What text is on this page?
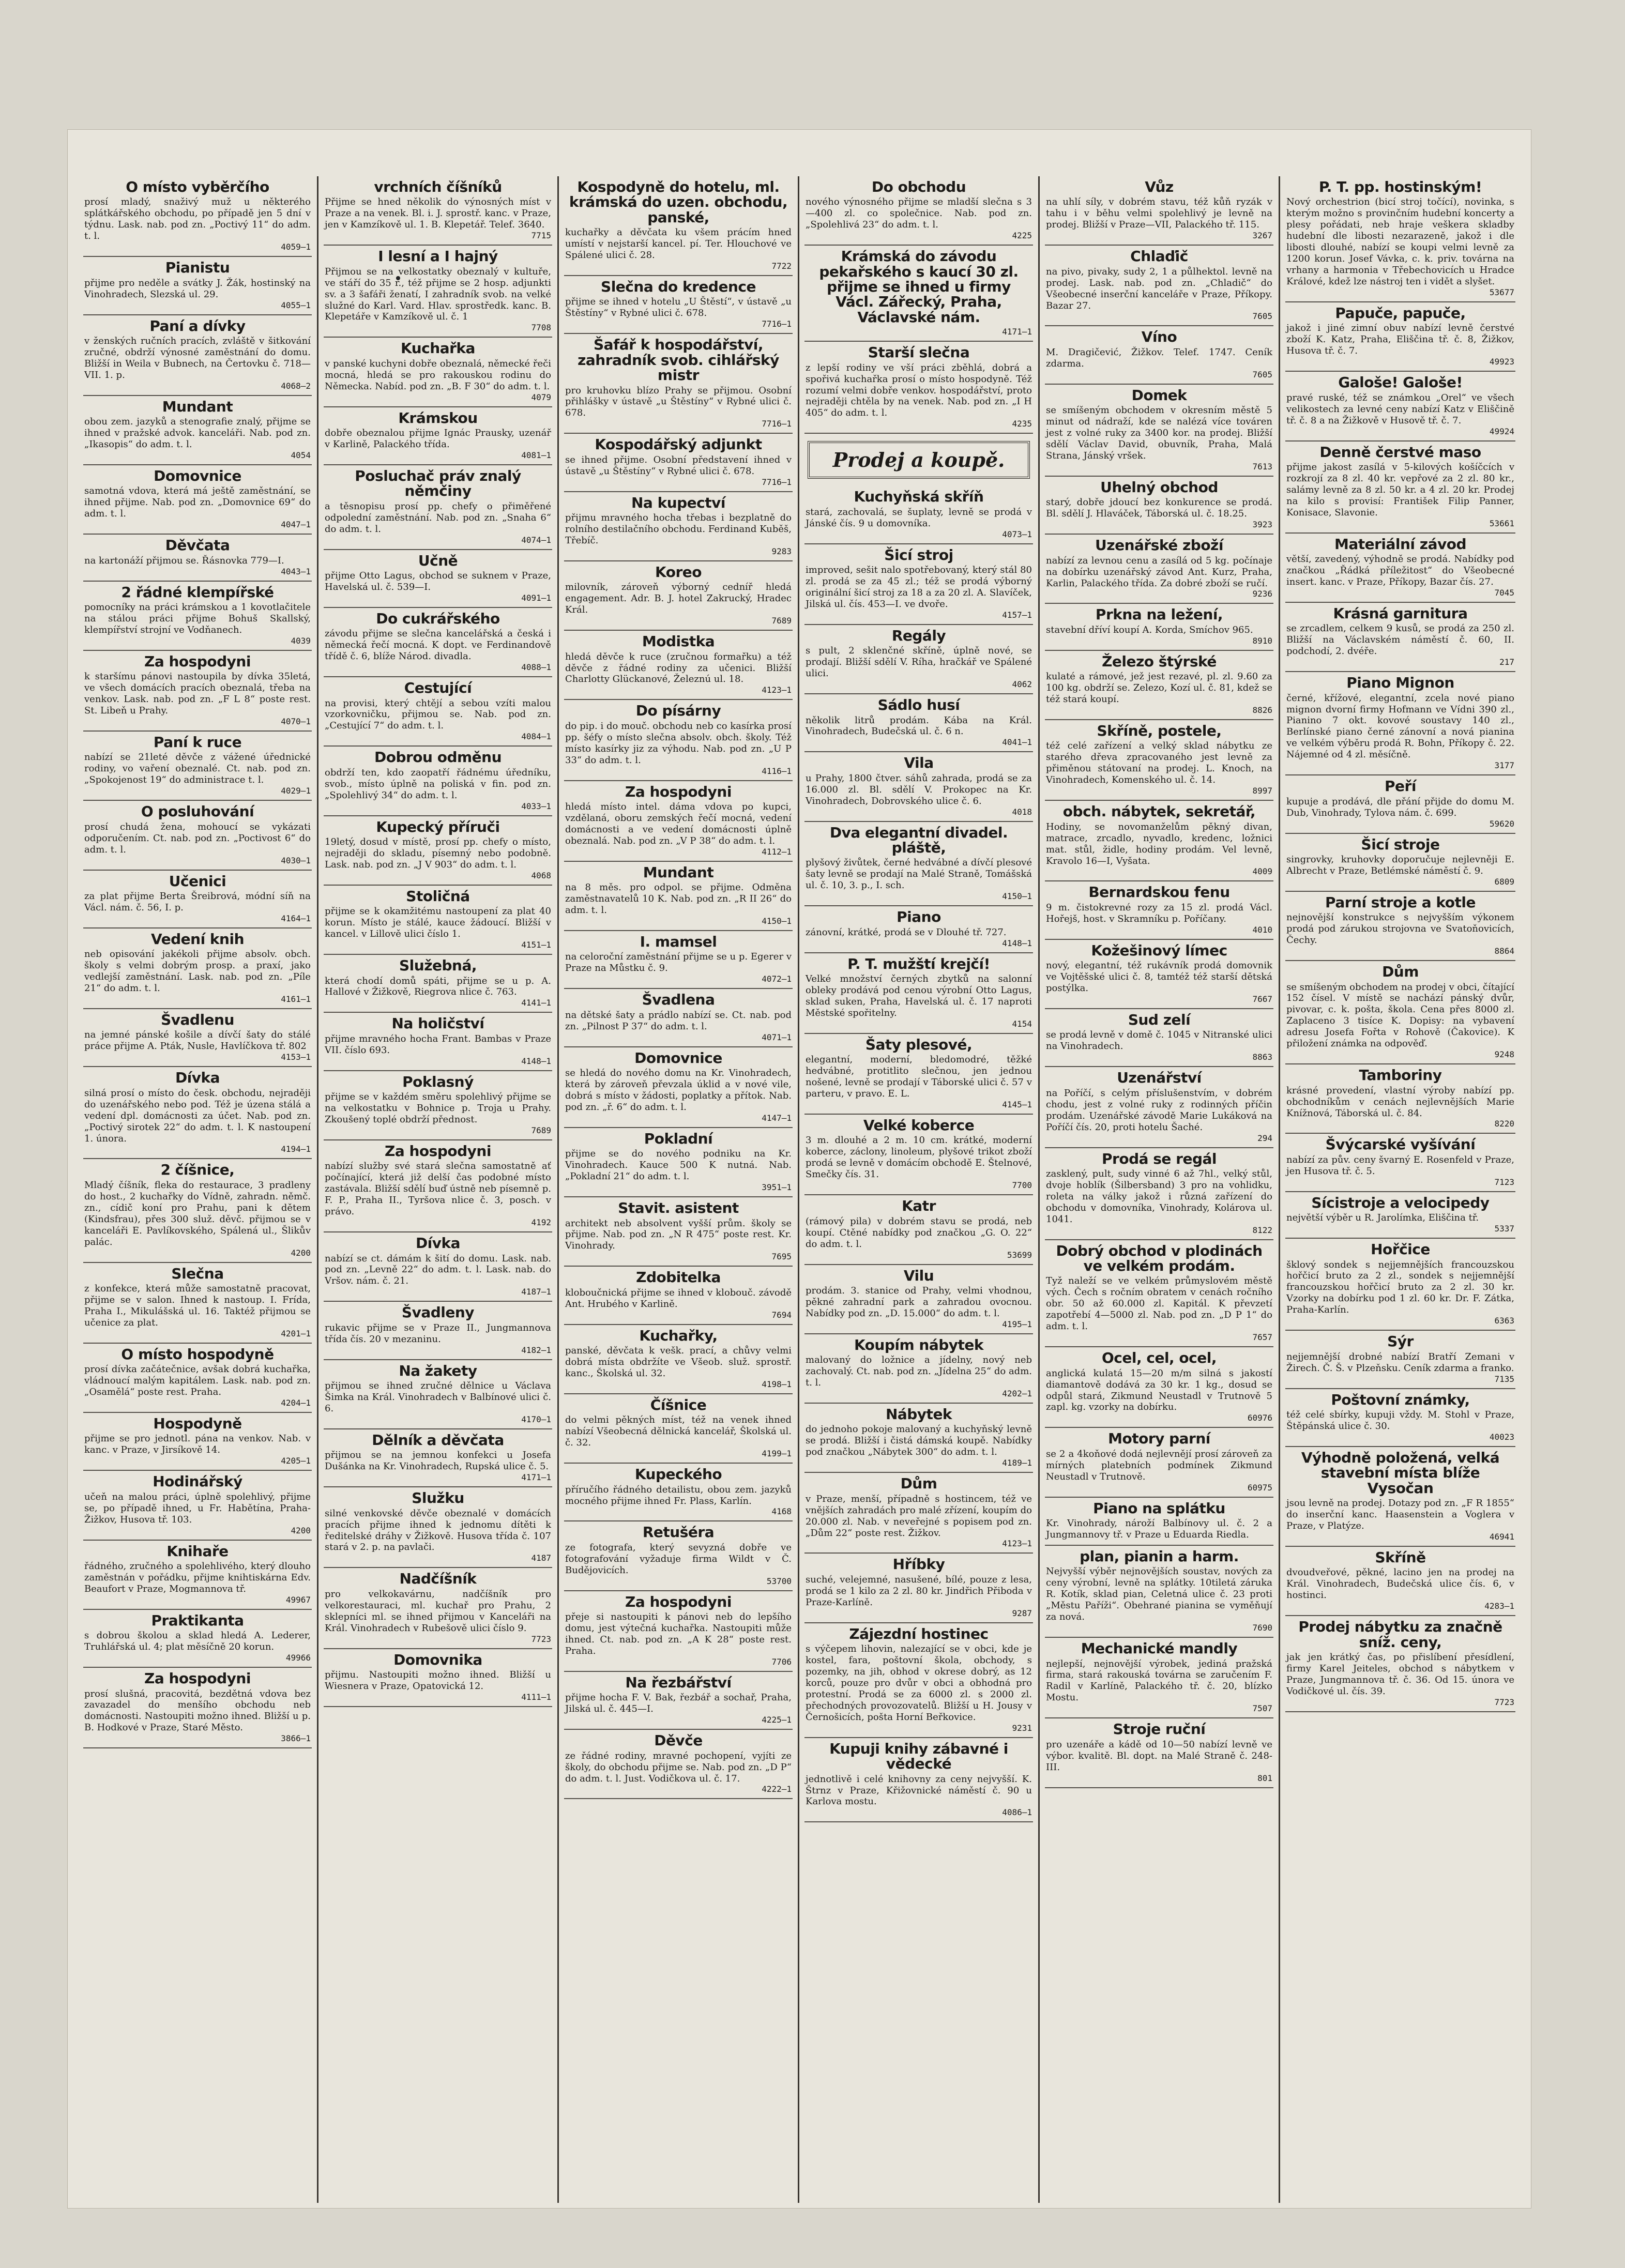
O místo vyběrčího

prosí mladý, snaživý muž u některého splátkářského obchodu, po případě jen 5 dní v týdnu. Lask. nab. pod zn. „Poctivý 11“ do adm. t. l.

4059—1
Pianistu

přijme pro neděle a svátky J. Žák, hostinský na Vinohradech, Slezská ul. 29.

4055—1
Paní a dívky

v ženských ručních pracích, zvláště v šitkování zručné, obdrží výnosné zaměstnání do domu. Bližší in Weila v Bubnech, na Čertovku č. 718—VII. 1. p.

4068—2
Mundant

obou zem. jazyků a stenografie znalý, přijme se ihned v pražské advok. kanceláři. Nab. pod zn. „Ikasopis“ do adm. t. l.

4054
Domovnice

samotná vdova, která má ještě zaměstnání, se ihned přijme. Nab. pod zn. „Domovnice 69“ do adm. t. l.

4047—1
Děvčata

na kartonáží přijmou se. Řásnovka 779—I.

4043—1
2 řádné klempířské

pomocníky na práci krámskou a 1 kovotlačitele na stálou práci přijme Bohuš Skallský, klempířství strojní ve Vodňanech.

4039
Za hospodyni

k staršímu pánovi nastoupila by dívka 35letá, ve všech domácích pracích obeznalá, třeba na venkov. Lask. nab. pod zn. „F L 8“ poste rest. St. Libeň u Prahy.

4070—1
Paní k ruce

nabízí se 21leté děvče z vážené úřednické rodiny, vo vaření obeznalé. Ct. nab. pod zn. „Spokojenost 19“ do administrace t. l.

4029—1
O posluhování

prosí chudá žena, mohoucí se vykázati odporučením. Ct. nab. pod zn. „Poctivost 6“ do adm. t. l.

4030—1
Učenici

za plat přijme Berta Šreibrová, módní síň na Václ. nám. č. 56, I. p.

4164—1
Vedení knih

neb opisování jakékoli přijme absolv. obch. školy s velmi dobrým prosp. a praxí, jako vedlejší zaměstnání. Lask. nab. pod zn. „Píle 21“ do adm. t. l.

4161—1
Švadlenu

na jemné pánské košile a dívčí šaty do stálé práce přijme A. Pták, Nusle, Havlíčkova tř. 802

4153—1
Dívka

silná prosí o místo do česk. obchodu, nejraději do uzenářského nebo pod. Též je úzena stálá a vedení dpl. domácnosti za účet. Nab. pod zn. „Poctivý sirotek 22“ do adm. t. l. K nastoupení 1. února.

4194—1
2 číšnice,

Mladý číšník, fleka do restaurace, 3 pradleny do host., 2 kuchařky do Vídně, zahradn. němč. zn., cídič koní pro Prahu, pani k dětem (Kindsfrau), přes 300 služ. děvč. přijmou se v kanceláři E. Pavlíkovského, Spálená ul., Šlikův palác.

4200
Slečna

z konfekce, která může samostatně pracovat, přijme se v salon. Ihned k nastoup. I. Frída, Praha I., Mikulášská ul. 16. Taktéž přijmou se učenice za plat.

4201—1
O místo hospodyně

prosí dívka začátečnice, avšak dobrá kuchařka, vládnoucí malým kapitálem. Lask. nab. pod zn. „Osamělá“ poste rest. Praha.

4204—1
Hospodyně

přijme se pro jednotl. pána na venkov. Nab. v kanc. v Praze, v Jirsíkově 14.

4205—1
Hodinářský

učeň na malou práci, úplně spolehlivý, přijme se, po případě ihned, u Fr. Habětína, Praha-Žižkov, Husova tř. 103.

4200
Knihaře

řádného, zručného a spolehlivého, který dlouho zaměstnán v pořádku, přijme knihtiskárna Edv. Beaufort v Praze, Mogmannova tř.

49967
Praktikanta

s dobrou školou a sklad hledá A. Lederer, Truhlářská ul. 4; plat měsíčně 20 korun.

49966
Za hospodyni

prosí slušná, pracovitá, bezdětná vdova bez zavazadel do menšího obchodu neb domácnosti. Nastoupiti možno ihned. Bližší u p. B. Hodkové v Praze, Staré Město.

3866—1
vrchních číšníků

Přijme se hned několik do výnosných míst v Praze a na venek. Bl. i. J. sprostř. kanc. v Praze, jen v Kamzíkově ul. 1. B. Klepetář. Telef. 3640.

7715
I lesní a I hajný

Přijmou se na velkostatky obeznalý v kultuře, ve stáří do 35 r., též přijme se 2 hosp. adjunkti sv. a 3 šafáři ženatí, I zahradník svob. na velké služné do Karl. Vard. Hlav. sprostředk. kanc. B. Klepetáře v Kamzíkově ul. č. 1

7708
Kuchařka

v panské kuchyni dobře obeznalá, německé řeči mocná, hledá se pro rakouskou rodinu do Německa. Nabíd. pod zn. „B. F 30“ do adm. t. l.

4079
Krámskou

dobře obeznalou přijme Ignác Prausky, uzenář v Karlině, Palackého třída.

4081—1
Posluchač práv znalý němčiny

a těsnopisu prosí pp. chefy o přiměřené odpolední zaměstnání. Nab. pod zn. „Snaha 6“ do adm. t. l.

4074—1
Učně

přijme Otto Lagus, obchod se suknem v Praze, Havelská ul. č. 539—I.

4091—1
Do cukrářského

závodu přijme se slečna kancelářská a česká i německá řečí mocná. K dopt. ve Ferdinandově třídě č. 6, blíže Národ. divadla.

4088—1
Cestující

na provisi, který chtějí a sebou vzíti malou vzorkovničku, přijmou se. Nab. pod zn. „Cestující 7“ do adm. t. l.

4084—1
Dobrou odměnu

obdrží ten, kdo zaopatří řádnému úředníku, svob., místo úplně na poliská v fin. pod zn. „Spolehlivý 34“ do adm. t. l.

4033—1
Kupecký příruči

19letý, dosud v místě, prosí pp. chefy o místo, nejraději do skladu, písemný nebo podobně. Lask. nab. pod zn. „J V 903“ do adm. t. l.

4068
Stoličná

přijme se k okamžitému nastoupení za plat 40 korun. Místo je stálé, kauce žádoucí. Bližší v kancel. v Lillově ulici číslo 1.

4151—1
Služebná,

která chodí domů spáti, přijme se u p. A. Hallové v Žižkově, Riegrova nlice č. 763.

4141—1
Na holičství

přijme mravného hocha Frant. Bambas v Praze VII. číslo 693.

4148—1
Poklasný

přijme se v každém směru spolehlivý přijme se na velkostatku v Bohnice p. Troja u Prahy. Zkoušený toplé obdrží přednost.

7689
Za hospodyni

nabízí služby své stará slečna samostatně ať počínající, která již delší čas podobné místo zastávala. Bližší sdělí buď ústně neb písemně p. F. P., Praha II., Tyršova nlice č. 3, posch. v právo.

4192
Dívka

nabízí se ct. dámám k šití do domu. Lask. nab. pod zn. „Levně 22“ do adm. t. l. Lask. nab. do Vršov. nám. č. 21.

4187—1
Švadleny

rukavic přijme se v Praze II., Jungmannova třída čís. 20 v mezaninu.

4182—1
Na žakety

přijmou se ihned zručné dělnice u Václava Šimka na Král. Vinohradech v Balbínové ulici č. 6.

4170—1
Dělník a děvčata

přijmou se na jemnou konfekci u Josefa Dušánka na Kr. Vinohradech, Rupská ulice č. 5.

4171—1
Služku

silné venkovské děvče obeznalé v domácích pracích přijme ihned k jednomu dítěti k ředitelské dráhy v Žižkově. Husova třída č. 107 stará v 2. p. na pavlači.

4187
Nadčíšník

pro velkokavárnu, nadčíšník pro velkorestauraci, ml. kuchař pro Prahu, 2 sklepníci ml. se ihned přijmou v Kanceláři na Král. Vinohradech v Rubešově ulici číslo 9.

7723
Domovnika

přijmu. Nastoupiti možno ihned. Bližší u Wiesnera v Praze, Opatovická 12.

4111—1
Kospodyně do hotelu, ml. krámská do uzen. obchodu, panské,

kuchařky a děvčata ku všem prácím hned umístí v nejstarší kancel. pí. Ter. Hlouchové ve Spálené ulici č. 28.

7722
Slečna do kredence

přijme se ihned v hotelu „U Štěstí“, v ústavě „u Štěstíny“ v Rybné ulici č. 678.

7716—1
Šafář k hospodářství, zahradník svob. cihlářský mistr

pro kruhovku blízo Prahy se přijmou. Osobní přihlášky v ústavě „u Štěstíny“ v Rybné ulici č. 678.

7716—1
Kospodářský adjunkt

se ihned přijme. Osobní představení ihned v ústavě „u Štěstíny“ v Rybné ulici č. 678.

7716—1
Na kupectví

přijmu mravného hocha třebas i bezplatně do rolního destilačního obchodu. Ferdinand Kuběš, Třebíč.

9283
Koreo

milovník, zároveň výborný cedníř hledá engagement. Adr. B. J. hotel Zakrucký, Hradec Král.

7689
Modistka

hledá děvče k ruce (zručnou formařku) a též děvče z řádné rodiny za učenici. Bližší Charlotty Glückanové, Železnú ul. 18.

4123—1
Do písárny

do pip. i do mouč. obchodu neb co kasírka prosí pp. šéfy o místo slečna absolv. obch. školy. Též místo kasírky jiz za výhodu. Nab. pod zn. „U P 33“ do adm. t. l.

4116—1
Za hospodyni

hledá místo intel. dáma vdova po kupci, vzdělaná, oboru zemských řečí mocná, vedení domácnosti a ve vedení domácnosti úplně obeznalá. Nab. pod zn. „V P 38“ do adm. t. l.

4112—1
Mundant

na 8 měs. pro odpol. se přijme. Odměna zaměstnavatelů 10 K. Nab. pod zn. „R II 26“ do adm. t. l.

4150—1
I. mamsel

na celoroční zaměstnání přijme se u p. Egerer v Praze na Můstku č. 9.

4072—1
Švadlena

na dětské šaty a prádlo nabízí se. Ct. nab. pod zn. „Pilnost P 37“ do adm. t. l.

4071—1
Domovnice

se hledá do nového domu na Kr. Vinohradech, která by zároveň převzala úklid a v nové vile, dobrá s místo v žádosti, poplatky a přítok. Nab. pod zn. „ř. 6“ do adm. t. l.

4147—1
Pokladní

přijme se do nového podniku na Kr. Vinohradech. Kauce 500 K nutná. Nab. „Pokladní 21“ do adm. t. l.

3951—1
Stavit. asistent

architekt neb absolvent vyšší prům. školy se přijme. Nab. pod zn. „N R 475“ poste rest. Kr. Vinohrady.

7695
Zdobitelka

kloboučnická přijme se ihned v klobouč. závodě Ant. Hrubého v Karlině.

7694
Kuchařky,

panské, děvčata k vešk. prací, a chůvy velmi dobrá místa obdržíte ve Všeob. služ. sprostř. kanc., Školská ul. 32.

4198—1
Číšnice

do velmi pěkných míst, též na venek ihned nabízí Všeobecná dělnická kancelář, Školská ul. č. 32.

4199—1
Kupeckého

příručího řádného detailistu, obou zem. jazyků mocného přijme ihned Fr. Plass, Karlín.

4168
Retušéra

ze fotografa, který sevyzná dobře ve fotografování vyžaduje firma Wildt v Č. Budějovicích.

53700
Za hospodyni

přeje si nastoupiti k pánovi neb do lepšího domu, jest výtečná kuchařka. Nastoupiti může ihned. Ct. nab. pod zn. „A K 28“ poste rest. Praha.

7706
Na řezbářství

přijme hocha F. V. Bak, řezbář a sochař, Praha, Jilská ul. č. 445—I.

4225—1
Děvče

ze řádné rodiny, mravné pochopení, vyjíti ze školy, do obchodu přijme se. Nab. pod zn. „D P“ do adm. t. l. Just. Vodičkova ul. č. 17.

4222—1
Do obchodu

nového výnosného přijme se mladší slečna s 3—400 zl. co společnice. Nab. pod zn. „Spolehlivá 23“ do adm. t. l.

4225
Krámská do závodu pekařského s kaucí 30 zl. přijme se ihned u firmy Václ. Zářecký, Praha, Václavské nám.

4171—1
Starší slečna

z lepší rodiny ve vší práci zběhlá, dobrá a spořivá kuchařka prosí o místo hospodyně. Též rozumí velmi dobře venkov. hospodářství, proto nejraději chtěla by na venek. Nab. pod zn. „I H 405“ do adm. t. l.

4235
Prodej a koupě.
Kuchyňská skříň

stará, zachovalá, se šuplaty, levně se prodá v Jánské čís. 9 u domovníka.

4073—1
Šicí stroj

improved, sešit nalo spotřebovaný, který stál 80 zl. prodá se za 45 zl.; též se prodá výborný originální šicí stroj za 18 a za 20 zl. A. Slavíček, Jilská ul. čís. 453—I. ve dvoře.

4157—1
Regály

s pult, 2 sklenčné skříně, úplně nové, se prodají. Bližší sdělí V. Ríha, hračkář ve Spálené ulici.

4062
Sádlo husí

několik litrů prodám. Kába na Král. Vinohradech, Budečská ul. č. 6 n.

4041—1
Vila

u Prahy, 1800 čtver. sáhů zahrada, prodá se za 16.000 zl. Bl. sdělí V. Prokopec na Kr. Vinohradech, Dobrovského ulice č. 6.

4018
Dva elegantní divadel. pláště,

plyšový živůtek, černé hedvábné a dívčí plesové šaty levně se prodají na Malé Straně, Tomášská ul. č. 10, 3. p., I. sch.

4150—1
Piano

zánovní, krátké, prodá se v Dlouhé tř. 727.

4148—1
P. T. mužští krejčí!

Velké množství černých zbytků na salonní obleky prodává pod cenou výrobní Otto Lagus, sklad suken, Praha, Havelská ul. č. 17 naproti Městské spořitelny.

4154
Šaty plesové,

elegantní, moderní, bledomodré, těžké hedvábné, protitlito slečnou, jen jednou nošené, levně se prodají v Táborské ulici č. 57 v parteru, v pravo. E. L.

4145—1
Velké koberce

3 m. dlouhé a 2 m. 10 cm. krátké, moderní koberce, záclony, linoleum, plyšové trikot zboží prodá se levně v domácím obchodě E. Štelnové, Smečky čís. 31.

7700
Katr

(rámový pila) v dobrém stavu se prodá, neb koupí. Ctěné nabídky pod značkou „G. O. 22“ do adm. t. l.

53699
Vilu

prodám. 3. stanice od Prahy, velmi vhodnou, pěkné zahradní park a zahradou ovocnou. Nabídky pod zn. „D. 15.000“ do adm. t. l.

4195—1
Koupím nábytek

malovaný do ložnice a jídelny, nový neb zachovalý. Ct. nab. pod zn. „Jídelna 25“ do adm. t. l.

4202—1
Nábytek

do jednoho pokoje malovaný a kuchyňský levně se prodá. Bližší i čistá dámská koupě. Nabídky pod značkou „Nábytek 300“ do adm. t. l.

4189—1
Dům

v Praze, menší, případně s hostincem, též ve vnějších zahradách pro malé zřízení, koupím do 20.000 zl. Nab. v neveřejné s popisem pod zn. „Dům 22“ poste rest. Žižkov.

4123—1
Hříbky

suché, velejemné, nasušené, bílé, pouze z lesa, prodá se 1 kilo za 2 zl. 80 kr. Jindřich Přiboda v Praze-Karlíně.

9287
Zájezdní hostinec

s výčepem lihovin, nalezající se v obci, kde je kostel, fara, poštovní škola, obchody, s pozemky, na jih, obhod v okrese dobrý, as 12 korců, pouze pro dvůr v obci a obhodná pro protestní. Prodá se za 6000 zl. s 2000 zl. přechodných provozovatelů. Bližší u H. Jousy v Černošicích, pošta Horní Beřkovice.

9231
Kupuji knihy zábavné i vědecké

jednotlivě i celé knihovny za ceny nejvyšší. K. Štrnz v Praze, Křižovnické náměstí č. 90 u Karlova mostu.

4086—1
Vůz

na uhlí síly, v dobrém stavu, též kůň ryzák v tahu i v běhu velmi spolehlivý je levně na prodej. Bližší v Praze—VII, Palackého tř. 115.

3267
Chlaďič

na pivo, pivaky, sudy 2, 1 a půlhektol. levně na prodej. Lask. nab. pod zn. „Chladič“ do Všeobecné inserční kanceláře v Praze, Příkopy. Bazar 27.

7605
Víno

M. Dragičević, Žižkov. Telef. 1747. Ceník zdarma.

7605
Domek

se smíšeným obchodem v okresním městě 5 minut od nádraží, kde se nalézá více továren jest z volné ruky za 3400 kor. na prodej. Bližší sdělí Václav David, obuvník, Praha, Malá Strana, Jánský vršek.

7613
Uhelný obchod

starý, dobře jdoucí bez konkurence se prodá. Bl. sdělí J. Hlaváček, Táborská ul. č. 18.25.

3923
Uzenářské zboží

nabízí za levnou cenu a zasílá od 5 kg. počínaje na dobírku uzenářský závod Ant. Kurz, Praha, Karlin, Palackého třída. Za dobré zboží se ručí.

9236
Prkna na ležení,

stavební dříví koupí A. Korda, Smíchov 965.

8910
Železo štýrské

kulaté a rámové, jež jest rezavé, pl. zl. 9.60 za 100 kg. obdrží se. Zelezo, Kozí ul. č. 81, kdež se též stará koupí.

8826
Skříně, postele,

též celé zařízení a velký sklad nábytku ze starého dřeva zpracovaného jest levně za přiměnou státovaní na prodej. L. Knoch, na Vinohradech, Komenského ul. č. 14.

8997
obch. nábytek, sekretář,

Hodiny, se novomanželům pěkný divan, matrace, zrcadlo, nyvadlo, kredenc, ložnici mat. stůl, židle, hodiny prodám. Vel levně, Kravolo 16—I, Vyšata.

4009
Bernardskou fenu

9 m. čistokrevné rozy za 15 zl. prodá Václ. Hořejš, host. v Skramníku p. Poříčany.

4010
Kožešinový límec

nový, elegantní, též rukávník prodá domovnik ve Vojtěšské ulici č. 8, tamtéž též starší dětská postýlka.

7667
Sud zelí

se prodá levně v domě č. 1045 v Nitranské ulici na Vinohradech.

8863
Uzenářství

na Poříčí, s celým příslušenstvím, v dobrém chodu, jest z volné ruky z rodinných příčin prodám. Uzenářské závodě Marie Lukáková na Poříčí čís. 20, proti hotelu Šaché.

294
Prodá se regál

zasklený, pult, sudy vinné 6 až 7hl., velký stůl, dvoje hoblík (Šilbersband) 3 pro na vohlidku, roleta na války jakož i různá zařízení do obchodu v domovníka, Vinohrady, Kolárova ul. 1041.

8122
Dobrý obchod v plodinách ve velkém prodám.

Tyž naleží se ve velkém průmyslovém městě vých. Čech s ročním obratem v cenách ročního obr. 50 až 60.000 zl. Kapitál. K převzetí zapotřebí 4—5000 zl. Nab. pod zn. „D P 1“ do adm. t. l.

7657
Ocel, cel, ocel,

anglická kulatá 15—20 m/m silná s jakostí diamantově dodává za 30 kr. 1 kg., dosud se odpůl stará, Zikmund Neustadl v Trutnově 5 zapl. kg. vzorky na dobírku.

60976
Motory parní

se 2 a 4koňové dodá nejlevnějí prosí zároveň za mírných platebních podmínek Zikmund Neustadl v Trutnově.

60975
Piano na splátku

Kr. Vinohrady, nároží Balbínovy ul. č. 2 a Jungmannovy tř. v Praze u Eduarda Riedla.

plan, pianin a harm.

Nejvyšší výběr nejnovějších soustav, nových za ceny výrobní, levně na splátky. 10tiletá záruka R. Kotík, sklad pian, Celetná ulice č. 23 proti „Městu Paříži“. Obehrané pianina se vyměňují za nová.

7690
Mechanické mandly

nejlepší, nejnovější výrobek, jediná pražská firma, stará rakouská továrna se zaručením F. Radil v Karlíně, Palackého tř. č. 20, blízko Mostu.

7507
Stroje ruční

pro uzenáře a kádě od 10—50 nabízí levně ve výbor. kvalitě. Bl. dopt. na Malé Straně č. 248-III.

801
P. T. pp. hostinským!

Nový orchestrion (bicí stroj točící), novinka, s kterým možno s provinčním hudební koncerty a plesy pořádati, neb hraje veškera skladby hudební dle libosti nezarazeně, jakož i dle libosti dlouhé, nabízí se koupi velmi levně za 1200 korun. Josef Vávka, c. k. priv. továrna na vrhany a harmonia v Třebechovicích u Hradce Králové, kdež lze nástroj ten i vidět a slyšet.

53677
Papuče, papuče,

jakož i jiné zimní obuv nabízí levně čerstvé zboží K. Katz, Praha, Eliščina tř. č. 8, Žižkov, Husova tř. č. 7.

49923
Galoše! Galoše!

pravé ruské, též se známkou „Orel“ ve všech velikostech za levné ceny nabízí Katz v Eliščině tř. č. 8 a na Žižkově v Husově tř. č. 7.

49924
Denně čerstvé maso

přijme jakost zasílá v 5-kilových košíčcích v rozkrojí za 8 zl. 40 kr. vepřové za 2 zl. 80 kr., salámy levně za 8 zl. 50 kr. a 4 zl. 20 kr. Prodej na kilo s provisí: František Filip Panner, Konisace, Slavonie.

53661
Materiální závod

větší, zavedený, výhodně se prodá. Nabídky pod značkou „Řádká příležitost“ do Všeobecné insert. kanc. v Praze, Příkopy, Bazar čís. 27.

7045
Krásná garnitura

se zrcadlem, celkem 9 kusů, se prodá za 250 zl. Bližší na Václavském náměstí č. 60, II. podchodí, 2. dvéře.

217
Piano Mignon

černé, křížové, elegantní, zcela nové piano mignon dvorní firmy Hofmann ve Vídni 390 zl., Pianino 7 okt. kovové soustavy 140 zl., Berlínské piano černé zánovní a nová pianina ve velkém výběru prodá R. Bohn, Příkopy č. 22. Nájemné od 4 zl. měsíčně.

3177
Peří

kupuje a prodává, dle přání přijde do domu M. Dub, Vinohrady, Tylova nám. č. 699.

59620
Šicí stroje

singrovky, kruhovky doporučuje nejlevněji E. Albrecht v Praze, Betlémské náměstí č. 9.

6809
Parní stroje a kotle

nejnovější konstrukce s nejvyšším výkonem prodá pod zárukou strojovna ve Svatoňovicích, Čechy.

8864
Dům

se smíšeným obchodem na prodej v obci, čítající 152 čísel. V místě se nachází pánský dvůr, pivovar, c. k. pošta, škola. Cena přes 8000 zl. Zaplaceno 3 tisíce K. Dopisy: na vybavení adresu Josefa Fořta v Rohově (Čakovice). K přiložení známka na odpověď.

9248
Tamboriny

krásné provedení, vlastní výroby nabízí pp. obchodníkům v cenách nejlevnějších Marie Knížnová, Táborská ul. č. 84.

8220
Švýcarské vyšívání

nabízí za pův. ceny švarný E. Rosenfeld v Praze, jen Husova tř. č. 5.

7123
Sícistroje a velocipedy

největší výběr u R. Jarolímka, Eliščina tř.

5337
Hořčice

šklový sondek s nejjemnějších francouzskou hořčicí bruto za 2 zl., sondek s nejjemnější francouzskou hořčicí bruto za 2 zl. 30 kr. Vzorky na dobírku pod 1 zl. 60 kr. Dr. F. Zátka, Praha-Karlín.

6363
Sýr

nejjemnější drobné nabízí Bratří Zemani v Žirech. Č. Š. v Plzeňsku. Ceník zdarma a franko.

7135
Poštovní známky,

též celé sbírky, kupuji vždy. M. Stohl v Praze, Štěpánská ulice č. 30.

40023
Výhodně položená, velká stavební místa blíže Vysočan

jsou levně na prodej. Dotazy pod zn. „F R 1855“ do inserční kanc. Haasenstein a Voglera v Praze, v Platýze.

46941
Skříně

dvoudveřové, pěkné, lacino jen na prodej na Král. Vinohradech, Budečská ulice čís. 6, v hostinci.

4283—1
Prodej nábytku za značně sníž. ceny,

jak jen krátký čas, po přislíbení přesídlení, firmy Karel Jeiteles, obchod s nábytkem v Praze, Jungmannova tř. č. 36. Od 15. února ve Vodičkové ul. čís. 39.

7723
